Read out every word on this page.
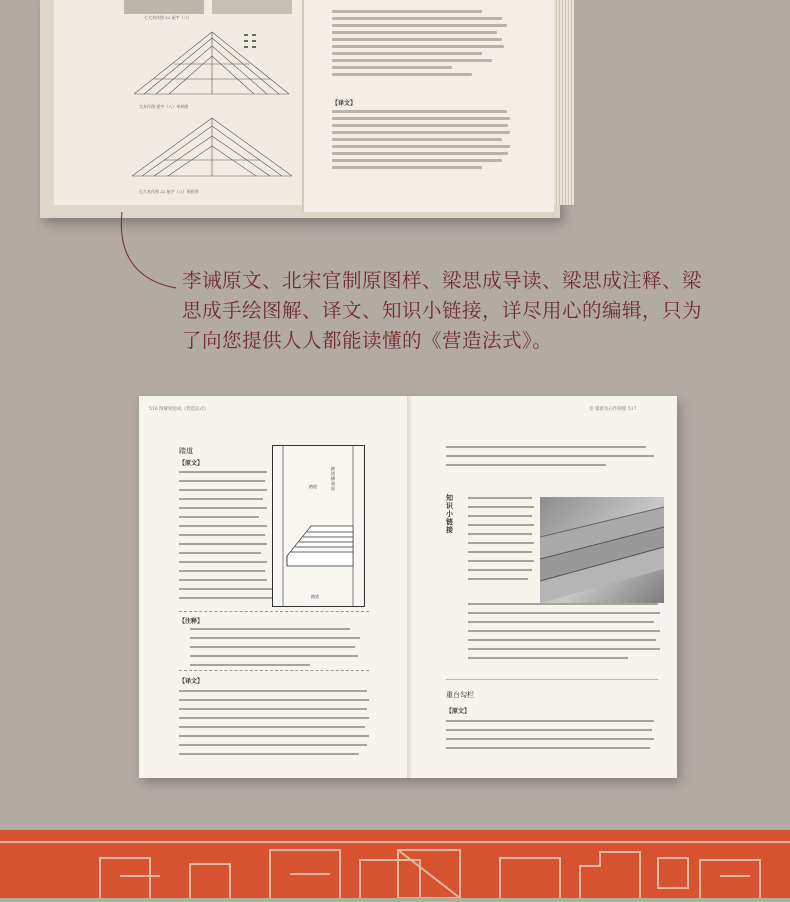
七大木作图 22 屋宇（八）
大木作图 屋宇（八）举折图
七大木作图 22 屋宇（八）举折图
【译文】
李诫原文、北宋官制原图样、梁思成导读、梁思成注释、梁
思成手绘图解、译文、知识小链接，详尽用心的编辑，只为
了向您提供人人都能读懂的《营造法式》。
516 图解梁思成《营造法式》	卷 壕寨及石作制度 517
踏道
【原文】
踏道
踏道横剖面
踏道
【注释】
【译文】
知识小链接
重台勾栏
【原文】
